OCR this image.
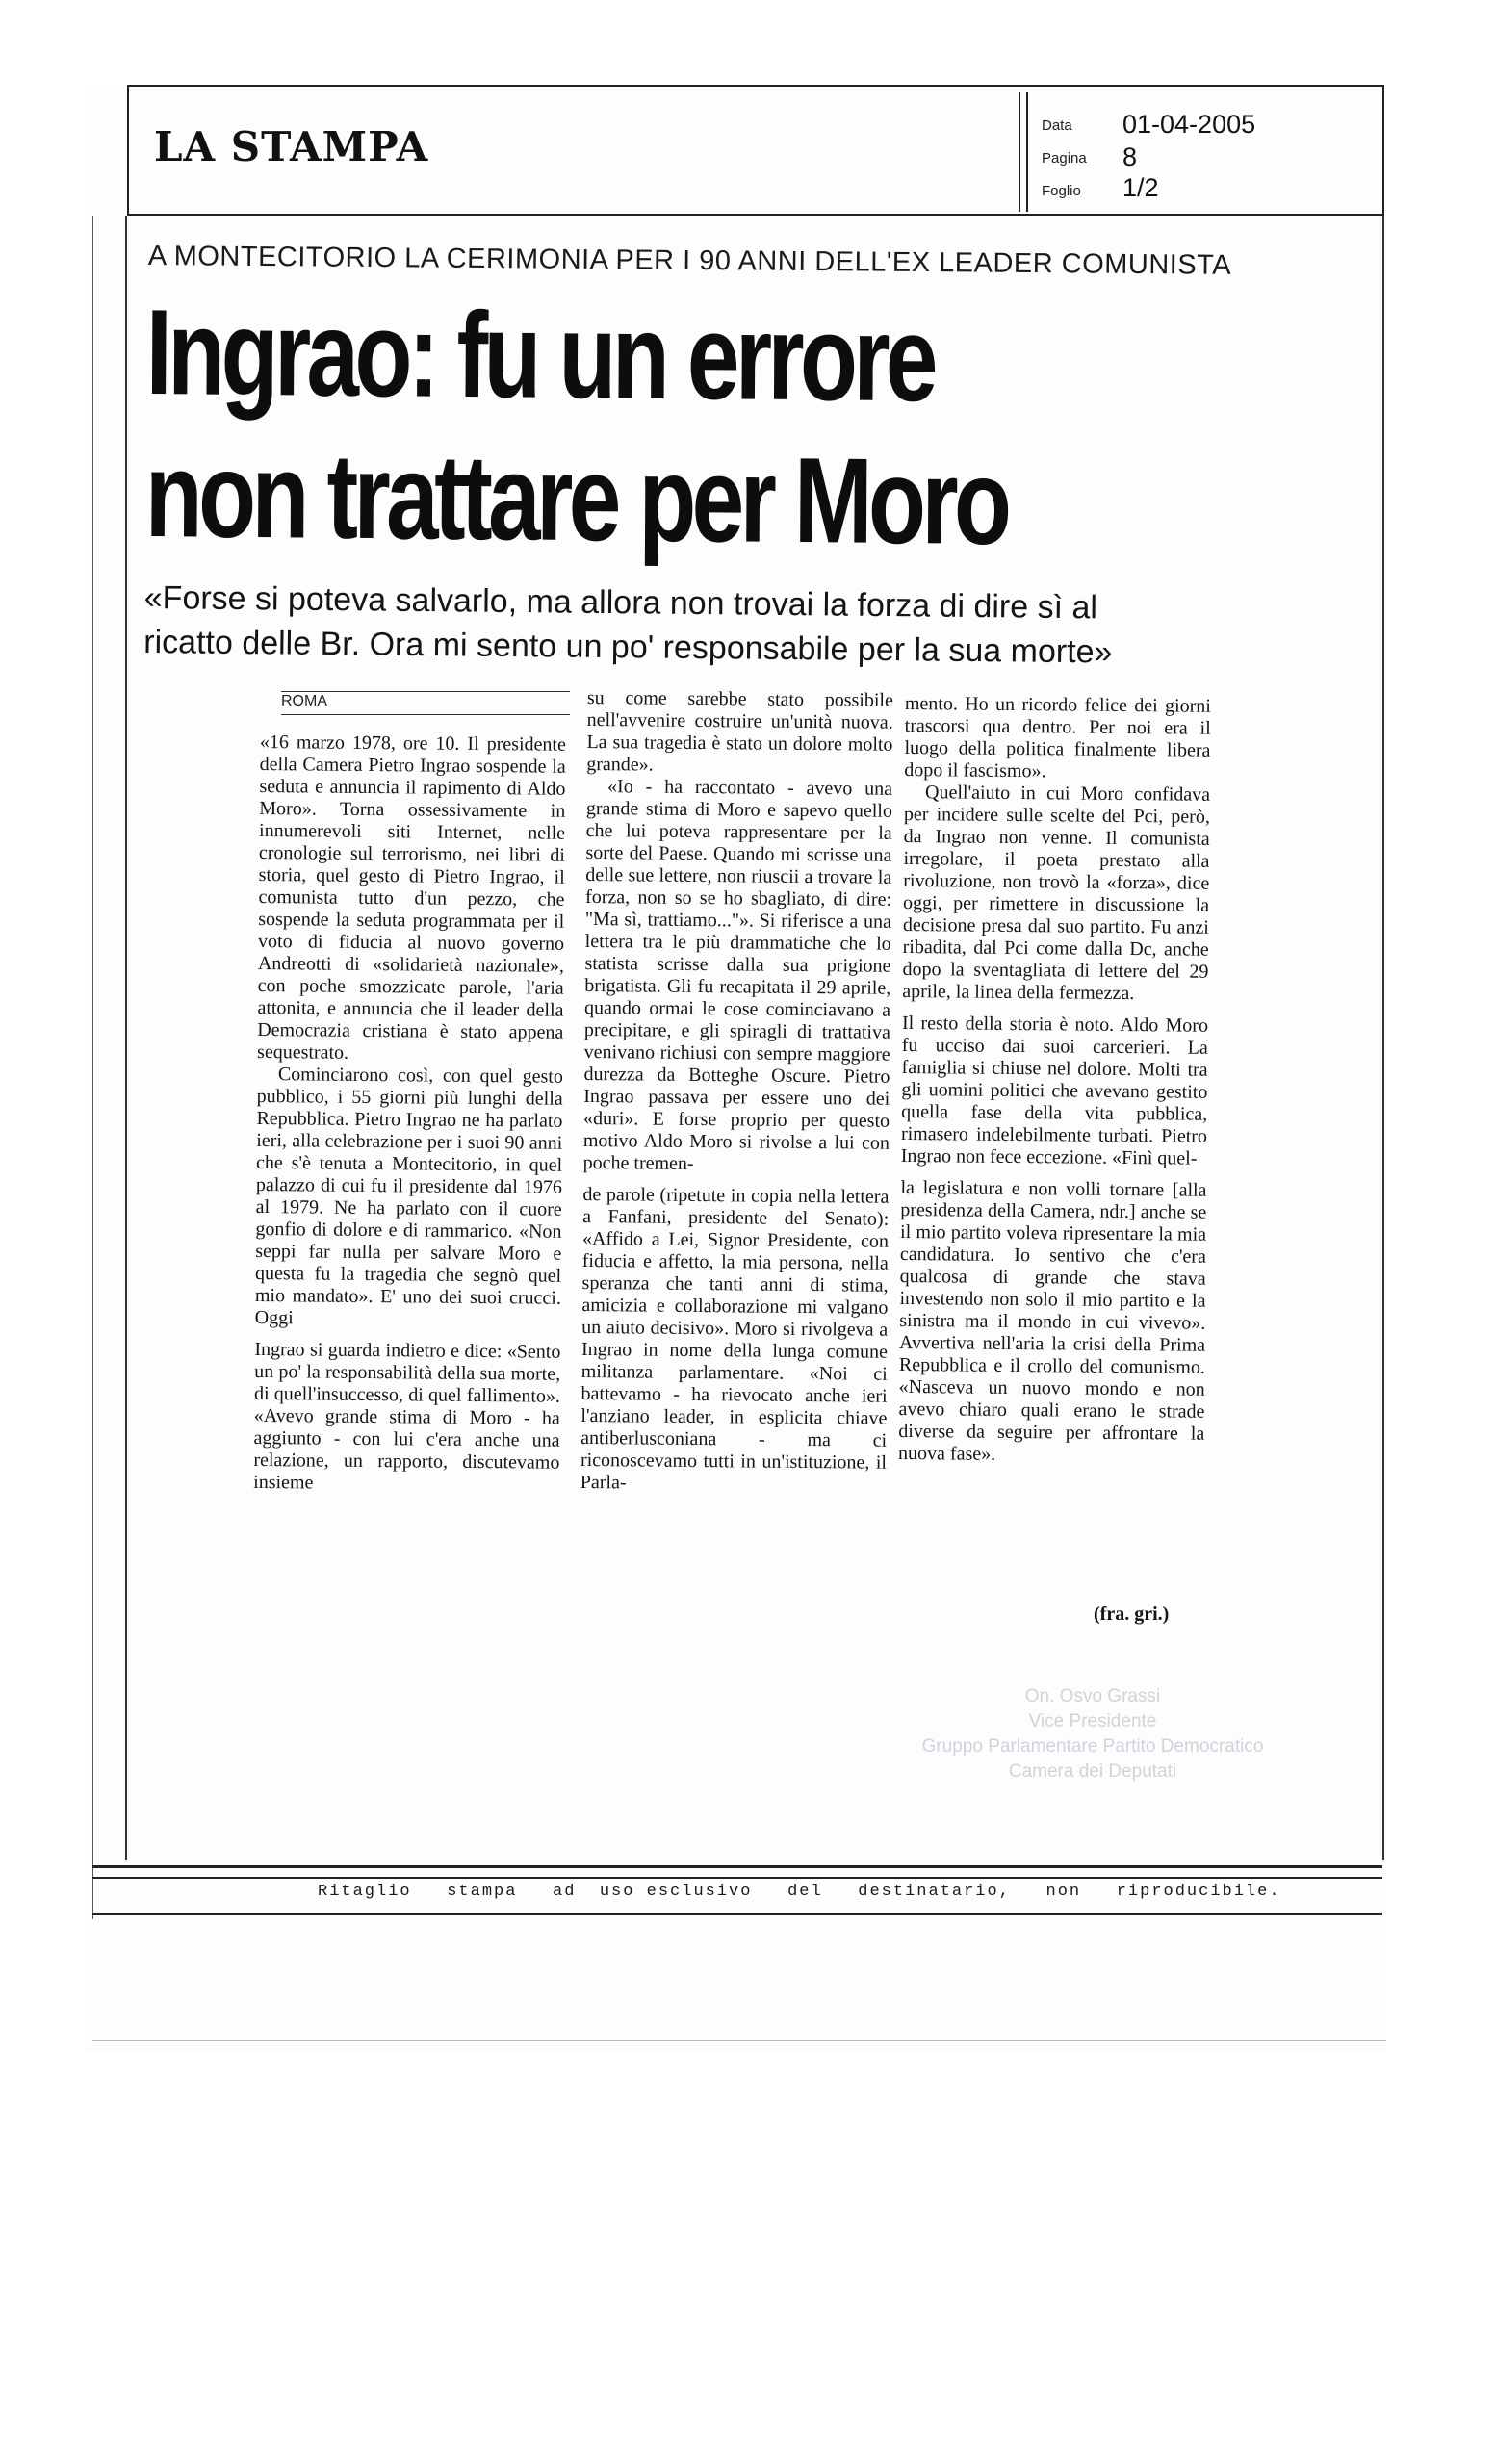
LA STAMPA	Data 01-04-2005
Pagina 8
Foglio 1/2
A MONTECITORIO LA CERIMONIA PER I 90 ANNI DELL'EX LEADER COMUNISTA
Ingrao: fu un errore
non trattare per Moro
«Forse si poteva salvarlo, ma allora non trovai la forza di dire sì al ricatto delle Br. Ora mi sento un po' responsabile per la sua morte»
ROMA

«16 marzo 1978, ore 10. Il presidente della Camera Pietro Ingrao sospende la seduta e annuncia il rapimento di Aldo Moro». Torna ossessivamente in innumerevoli siti Internet, nelle cronologie sul terrorismo, nei libri di storia, quel gesto di Pietro Ingrao, il comunista tutto d'un pezzo, che sospende la seduta programmata per il voto di fiducia al nuovo governo Andreotti di «solidarietà nazionale», con poche smozzicate parole, l'aria attonita, e annuncia che il leader della Democrazia cristiana è stato appena sequestrato.

Cominciarono così, con quel gesto pubblico, i 55 giorni più lunghi della Repubblica. Pietro Ingrao ne ha parlato ieri, alla celebrazione per i suoi 90 anni che s'è tenuta a Montecitorio, in quel palazzo di cui fu il presidente dal 1976 al 1979. Ne ha parlato con il cuore gonfio di dolore e di rammarico. «Non seppi far nulla per salvare Moro e questa fu la tragedia che segnò quel mio mandato». E' uno dei suoi crucci. Oggi

Ingrao si guarda indietro e dice: «Sento un po' la responsabilità della sua morte, di quell'insuccesso, di quel fallimento». «Avevo grande stima di Moro - ha aggiunto - con lui c'era anche una relazione, un rapporto, discutevamo insieme

su come sarebbe stato possibile nell'avvenire costruire un'unità nuova. La sua tragedia è stato un dolore molto grande».

«Io - ha raccontato - avevo una grande stima di Moro e sapevo quello che lui poteva rappresentare per la sorte del Paese. Quando mi scrisse una delle sue lettere, non riuscii a trovare la forza, non so se ho sbagliato, di dire: "Ma sì, trattiamo..."». Si riferisce a una lettera tra le più drammatiche che lo statista scrisse dalla sua prigione brigatista. Gli fu recapitata il 29 aprile, quando ormai le cose cominciavano a precipitare, e gli spiragli di trattativa venivano richiusi con sempre maggiore durezza da Botteghe Oscure. Pietro Ingrao passava per essere uno dei «duri». E forse proprio per questo motivo Aldo Moro si rivolse a lui con poche tremen-

de parole (ripetute in copia nella lettera a Fanfani, presidente del Senato): «Affido a Lei, Signor Presidente, con fiducia e affetto, la mia persona, nella speranza che tanti anni di stima, amicizia e collaborazione mi valgano un aiuto decisivo». Moro si rivolgeva a Ingrao in nome della lunga comune militanza parlamentare. «Noi ci battevamo - ha rievocato anche ieri l'anziano leader, in esplicita chiave antiberlusconiana - ma ci riconoscevamo tutti in un'istituzione, il Parla-

mento. Ho un ricordo felice dei giorni trascorsi qua dentro. Per noi era il luogo della politica finalmente libera dopo il fascismo».

Quell'aiuto in cui Moro confidava per incidere sulle scelte del Pci, però, da Ingrao non venne. Il comunista irregolare, il poeta prestato alla rivoluzione, non trovò la «forza», dice oggi, per rimettere in discussione la decisione presa dal suo partito. Fu anzi ribadita, dal Pci come dalla Dc, anche dopo la sventagliata di lettere del 29 aprile, la linea della fermezza.

Il resto della storia è noto. Aldo Moro fu ucciso dai suoi carcerieri. La famiglia si chiuse nel dolore. Molti tra gli uomini politici che avevano gestito quella fase della vita pubblica, rimasero indelebilmente turbati. Pietro Ingrao non fece eccezione. «Finì quel-

la legislatura e non volli tornare [alla presidenza della Camera, ndr.] anche se il mio partito voleva ripresentare la mia candidatura. Io sentivo che c'era qualcosa di grande che stava investendo non solo il mio partito e la sinistra ma il mondo in cui vivevo». Avvertiva nell'aria la crisi della Prima Repubblica e il crollo del comunismo. «Nasceva un nuovo mondo e non avevo chiaro quali erano le strade diverse da seguire per affrontare la nuova fase».

(fra. gri.)
On. Osvo Grassi
Vice Presidente
Gruppo Parlamentare Partito Democratico
Camera dei Deputati
Ritaglio   stampa   ad  uso esclusivo   del   destinatario,   non   riproducibile.
